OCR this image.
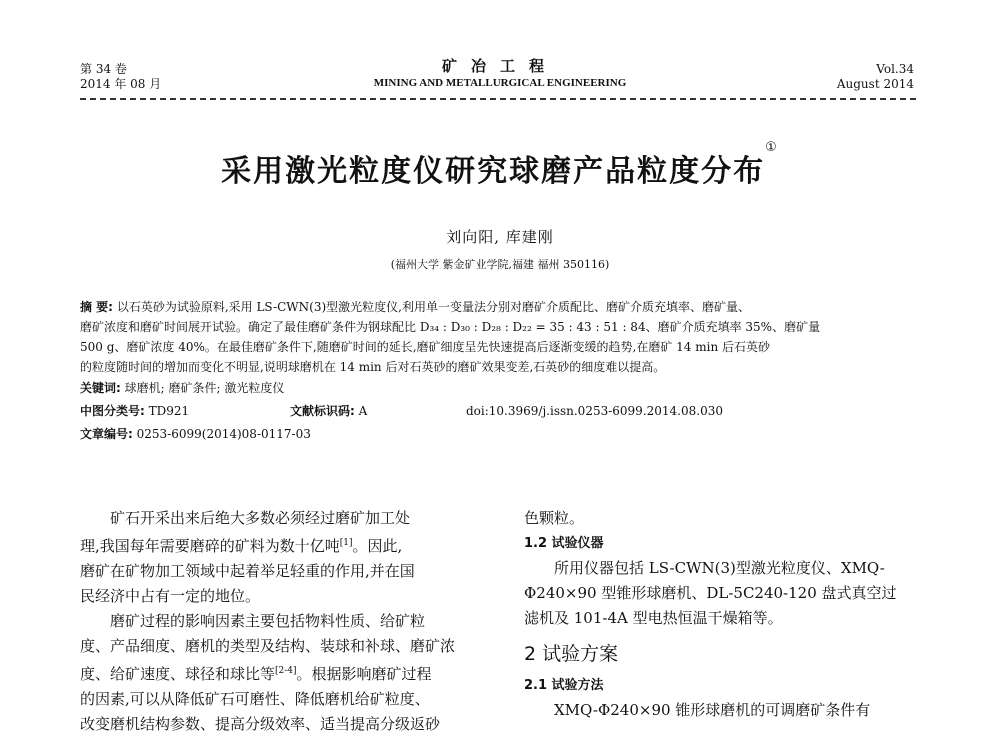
第 34 卷
2014 年 08 月
矿冶工程
MINING AND METALLURGICAL ENGINEERING
Vol.34
August 2014
采用激光粒度仪研究球磨产品粒度分布①
刘向阳, 库建刚
(福州大学 紫金矿业学院,福建 福州 350116)
摘 要: 以石英砂为试验原料,采用 LS-CWN(3)型激光粒度仪,利用单一变量法分别对磨矿介质配比、磨矿介质充填率、磨矿量、
磨矿浓度和磨矿时间展开试验。确定了最佳磨矿条件为钢球配比 D₃₄ : D₃₀ : D₂₈ : D₂₂ = 35 : 43 : 51 : 84、磨矿介质充填率 35%、磨矿量
500 g、磨矿浓度 40%。在最佳磨矿条件下,随磨矿时间的延长,磨矿细度呈先快速提高后逐渐变缓的趋势,在磨矿 14 min 后石英砂
的粒度随时间的增加而变化不明显,说明球磨机在 14 min 后对石英砂的磨矿效果变差,石英砂的细度难以提高。
关键词: 球磨机; 磨矿条件; 激光粒度仪
中图分类号: TD921	文献标识码: A	doi:10.3969/j.issn.0253-6099.2014.08.030
文章编号: 0253-6099(2014)08-0117-03
矿石开采出来后绝大多数必须经过磨矿加工处
理,我国每年需要磨碎的矿料为数十亿吨[1]。因此,
磨矿在矿物加工领域中起着举足轻重的作用,并在国
民经济中占有一定的地位。
磨矿过程的影响因素主要包括物料性质、给矿粒
度、产品细度、磨机的类型及结构、装球和补球、磨矿浓
度、给矿速度、球径和球比等[2-4]。根据影响磨矿过程
的因素,可以从降低矿石可磨性、降低磨机给矿粒度、
改变磨机结构参数、提高分级效率、适当提高分级返砂
色颗粒。
1.2 试验仪器
所用仪器包括 LS-CWN(3)型激光粒度仪、XMQ-
Φ240×90 型锥形球磨机、DL-5C240-120 盘式真空过
滤机及 101-4A 型电热恒温干燥箱等。
2 试验方案
2.1 试验方法
XMQ-Φ240×90 锥形球磨机的可调磨矿条件有
